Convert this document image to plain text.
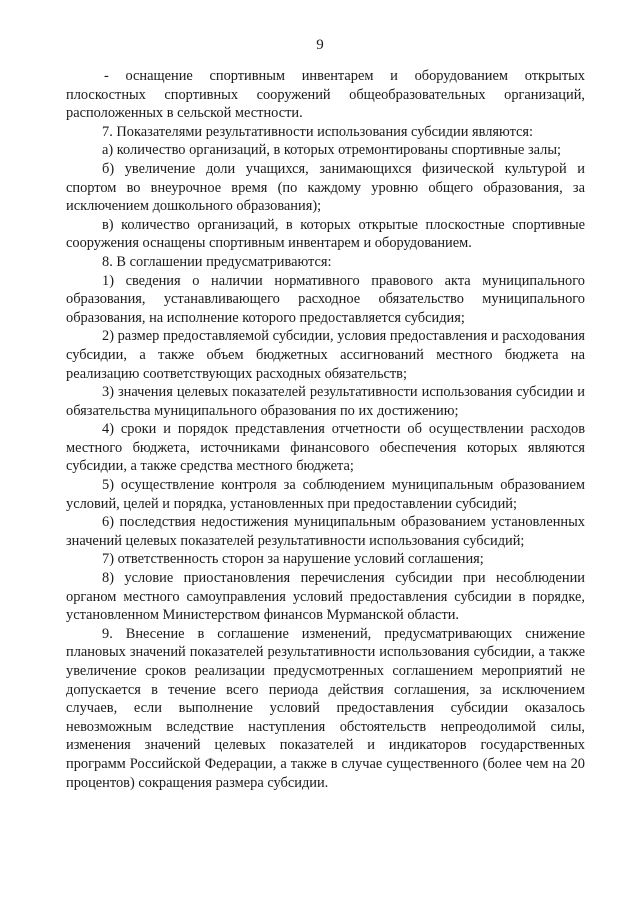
9

- оснащение спортивным инвентарем и оборудованием открытых плоскостных спортивных сооружений общеобразовательных организаций, расположенных в сельской местности.

7. Показателями результативности использования субсидии являются:

а) количество организаций, в которых отремонтированы спортивные залы;

б) увеличение доли учащихся, занимающихся физической культурой и спортом во внеурочное время (по каждому уровню общего образования, за исключением дошкольного образования);

в) количество организаций, в которых открытые плоскостные спортивные сооружения оснащены спортивным инвентарем и оборудованием.

8. В соглашении предусматриваются:

1) сведения о наличии нормативного правового акта муниципального образования, устанавливающего расходное обязательство муниципального образования, на исполнение которого предоставляется субсидия;

2) размер предоставляемой субсидии, условия предоставления и расходования субсидии, а также объем бюджетных ассигнований местного бюджета на реализацию соответствующих расходных обязательств;

3) значения целевых показателей результативности использования субсидии и обязательства муниципального образования по их достижению;

4) сроки и порядок представления отчетности об осуществлении расходов местного бюджета, источниками финансового обеспечения которых являются субсидии, а также средства местного бюджета;

5) осуществление контроля за соблюдением муниципальным образованием условий, целей и порядка, установленных при предоставлении субсидий;

6) последствия недостижения муниципальным образованием установленных значений целевых показателей результативности использования субсидий;

7) ответственность сторон за нарушение условий соглашения;

8) условие приостановления перечисления субсидии при несоблюдении органом местного самоуправления условий предоставления субсидии в порядке, установленном Министерством финансов Мурманской области.

9. Внесение в соглашение изменений, предусматривающих снижение плановых значений показателей результативности использования субсидии, а также увеличение сроков реализации предусмотренных соглашением мероприятий не допускается в течение всего периода действия соглашения, за исключением случаев, если выполнение условий предоставления субсидии оказалось невозможным вследствие наступления обстоятельств непреодолимой силы, изменения значений целевых показателей и индикаторов государственных программ Российской Федерации, а также в случае существенного (более чем на 20 процентов) сокращения размера субсидии.
